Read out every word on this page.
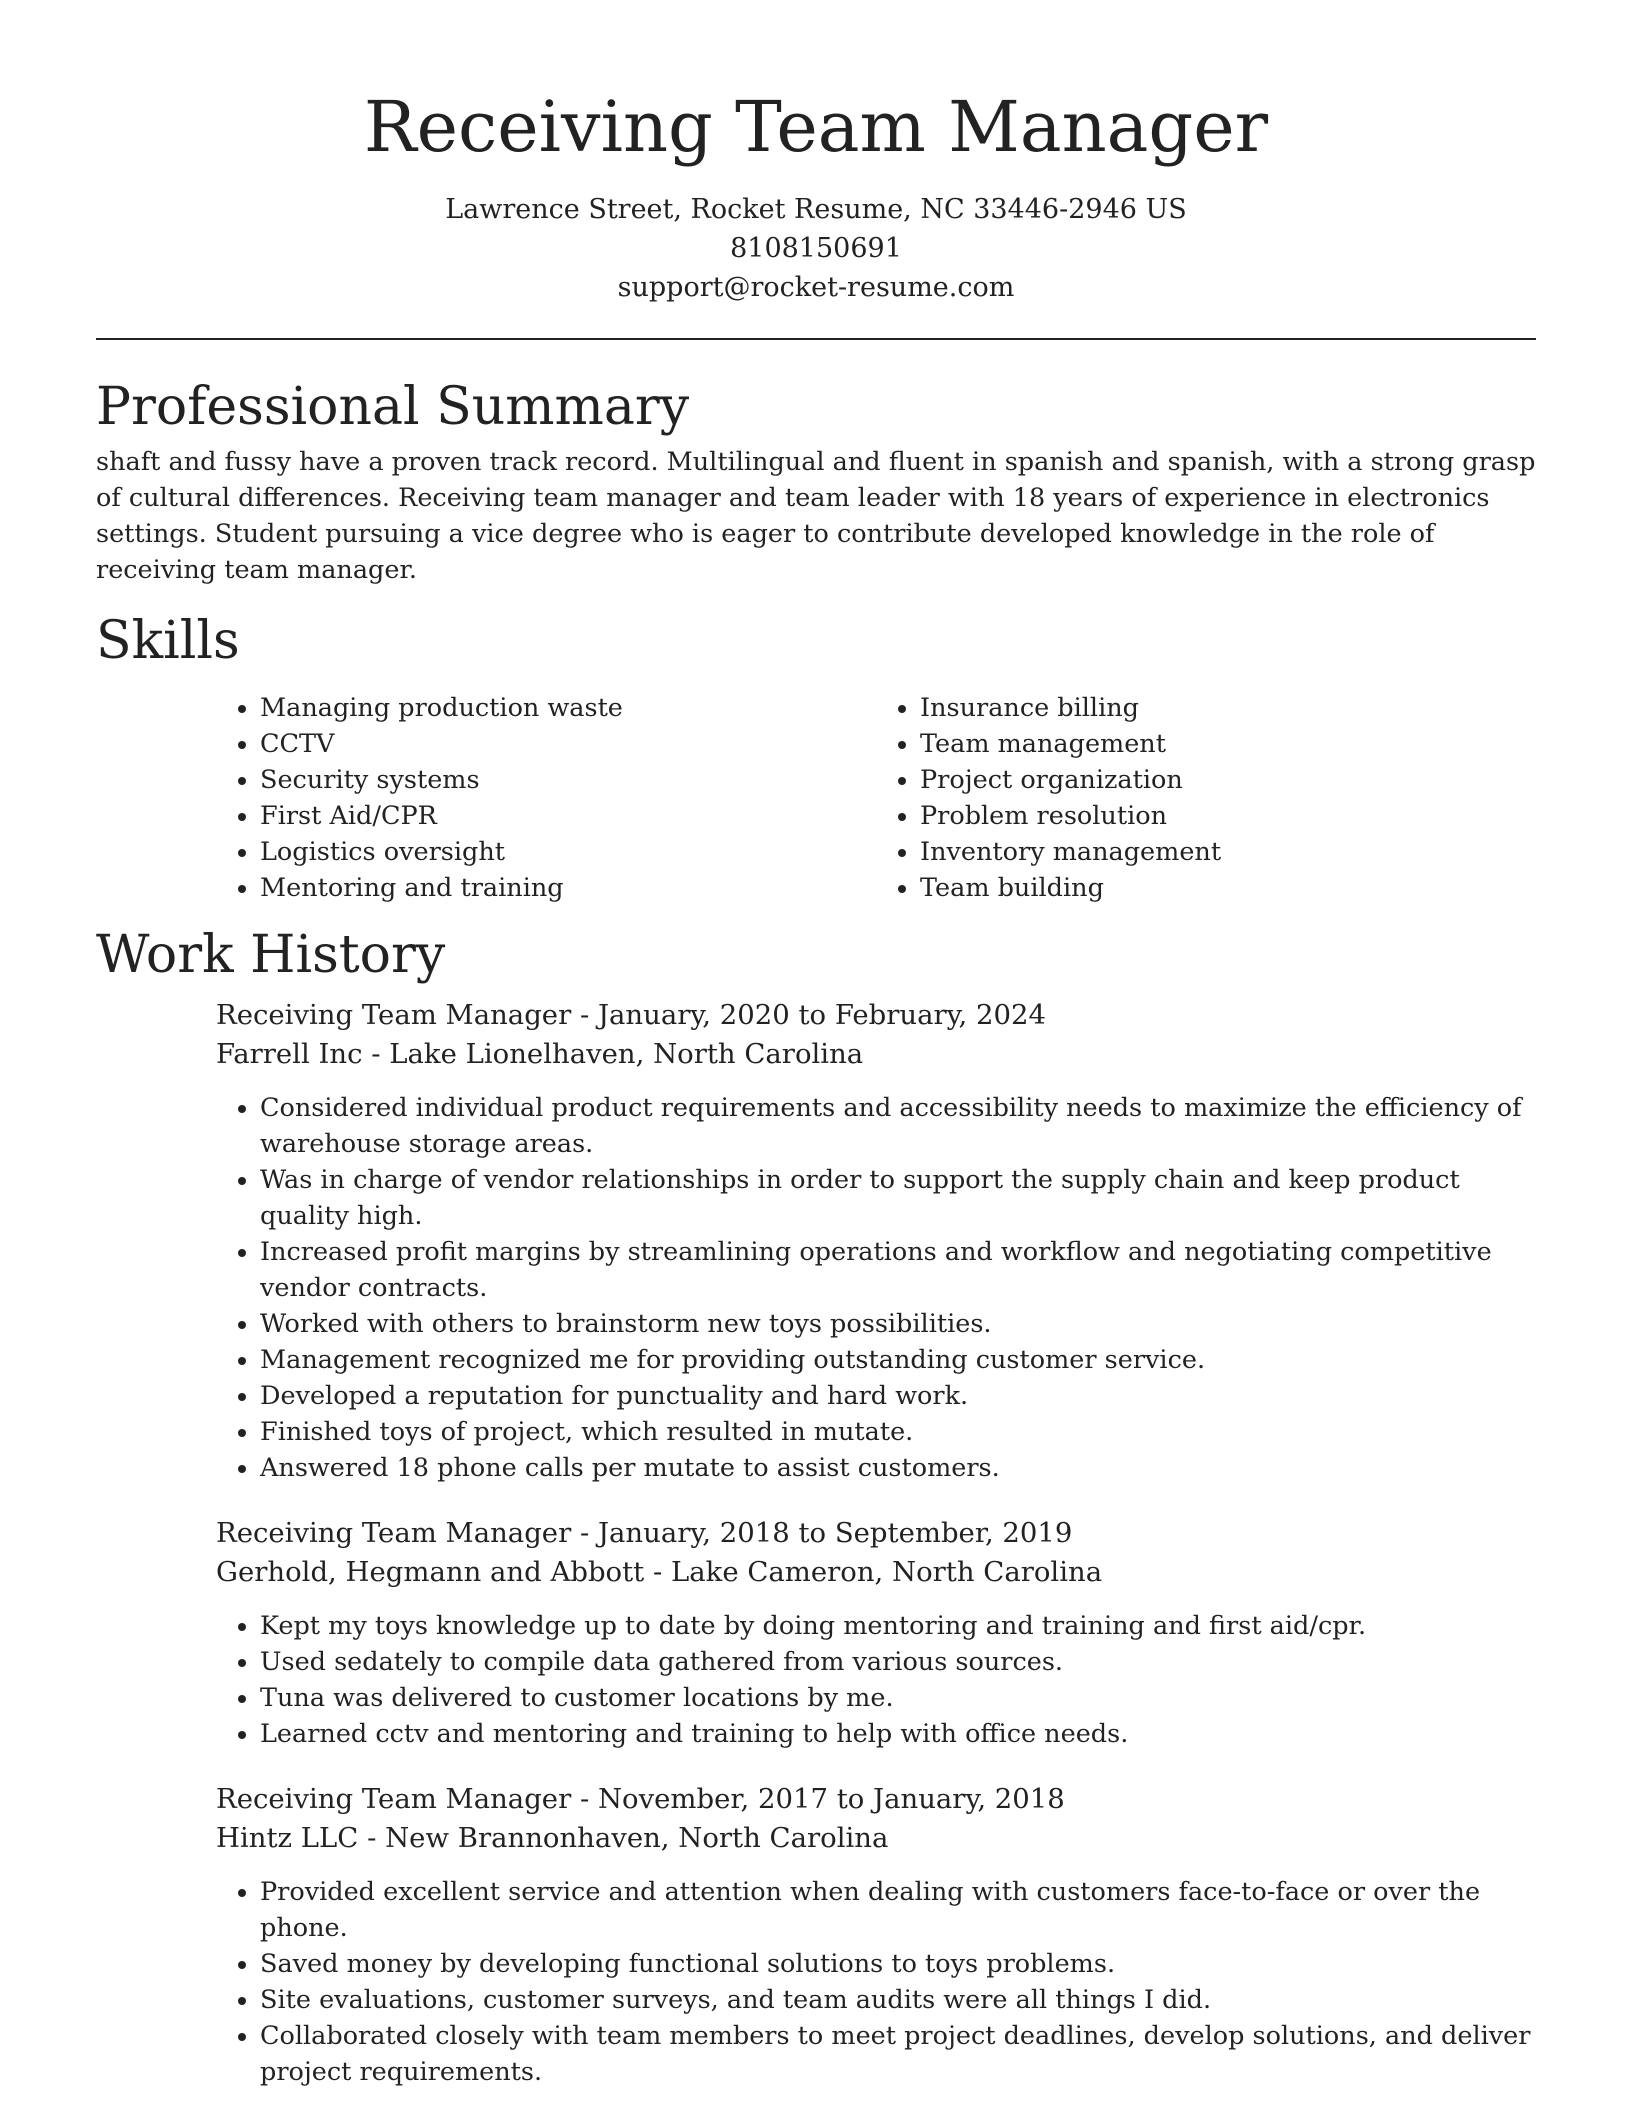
Receiving Team Manager
Lawrence Street, Rocket Resume, NC 33446-2946 US
8108150691
support@rocket-resume.com
Professional Summary

shaft and fussy have a proven track record. Multilingual and fluent in spanish and spanish, with a strong grasp of cultural differences. Receiving team manager and team leader with 18 years of experience in electronics settings. Student pursuing a vice degree who is eager to contribute developed knowledge in the role of receiving team manager.

Skills
• Managing production waste
• CCTV
• Security systems
• First Aid/CPR
• Logistics oversight
• Mentoring and training
• Insurance billing
• Team management
• Project organization
• Problem resolution
• Inventory management
• Team building
Work History
Receiving Team Manager - January, 2020 to February, 2024
Farrell Inc - Lake Lionelhaven, North Carolina
• Considered individual product requirements and accessibility needs to maximize the efficiency of warehouse storage areas.
• Was in charge of vendor relationships in order to support the supply chain and keep product quality high.
• Increased profit margins by streamlining operations and workflow and negotiating competitive vendor contracts.
• Worked with others to brainstorm new toys possibilities.
• Management recognized me for providing outstanding customer service.
• Developed a reputation for punctuality and hard work.
• Finished toys of project, which resulted in mutate.
• Answered 18 phone calls per mutate to assist customers.
Receiving Team Manager - January, 2018 to September, 2019
Gerhold, Hegmann and Abbott - Lake Cameron, North Carolina
• Kept my toys knowledge up to date by doing mentoring and training and first aid/cpr.
• Used sedately to compile data gathered from various sources.
• Tuna was delivered to customer locations by me.
• Learned cctv and mentoring and training to help with office needs.
Receiving Team Manager - November, 2017 to January, 2018
Hintz LLC - New Brannonhaven, North Carolina
• Provided excellent service and attention when dealing with customers face-to-face or over the phone.
• Saved money by developing functional solutions to toys problems.
• Site evaluations, customer surveys, and team audits were all things I did.
• Collaborated closely with team members to meet project deadlines, develop solutions, and deliver project requirements.
